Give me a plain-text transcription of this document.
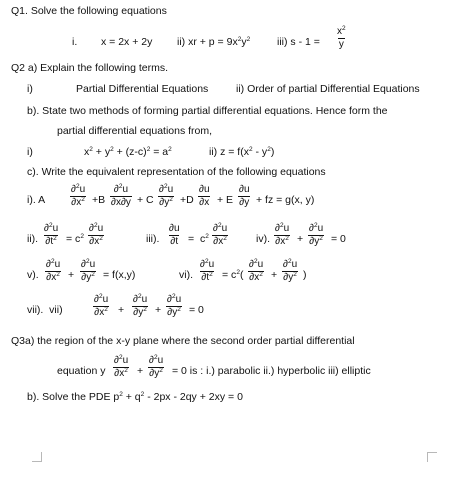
Q1. Solve the following equations
i. x = 2x + 2y ii) xr + $p = 9x^2y^2$	iii) $s - 1 = \frac{x^2}{y}$
Q2 a) Explain the following terms.
i)	Partial Differential Equations	ii) Order of partial Differential Equations
b). State two methods of forming partial differential equations. Hence form the
partial differential equations from,
i)	$x^2 + y^2 + (z-c)^2 = a^2$	ii) $z = f(x^2 - y^2)$
c). Write the equivalent representation of the following equations
i). A $\frac{\partial^2u}{\partial x^2} +B \frac{\partial^2u}{\partial x\partial y} + C \frac{\partial^2u}{\partial y^2} +D \frac{\partial u}{\partial x} + E \frac{\partial u}{\partial y}$ + fz = g(x, y)
ii). $\frac{\partial^2u}{\partial t^2} = c^2 \frac{\partial^2u}{\partial x^2}$	iii). $\frac{\partial u}{\partial t} = c^2 \frac{\partial^2u}{\partial x^2}$	iv). $\frac{\partial^2u}{\partial x^2} + \frac{\partial^2u}{\partial y^2} = 0$
v). $\frac{\partial^2u}{\partial x^2} + \frac{\partial^2u}{\partial y^2} = f(x,y)$	vi). $\frac{\partial^2u}{\partial t^2} = c^2( \frac{\partial^2u}{\partial x^2} + \frac{\partial^2u}{\partial y^2}$ )
vii).  vii)	$\frac{\partial^2u}{\partial x^2} + \frac{\partial^2u}{\partial y^2} + \frac{\partial^2u}{\partial y^2} = 0$
Q3a) the region of the x-y plane where the second order partial differential
equation y $\frac{\partial^2u}{\partial x^2} + \frac{\partial^2u}{\partial y^2} = 0$ is : i.) parabolic ii.) hyperbolic iii) elliptic
b). Solve the PDE $p^2 + q^2 - 2px - 2qy + 2xy = 0$
